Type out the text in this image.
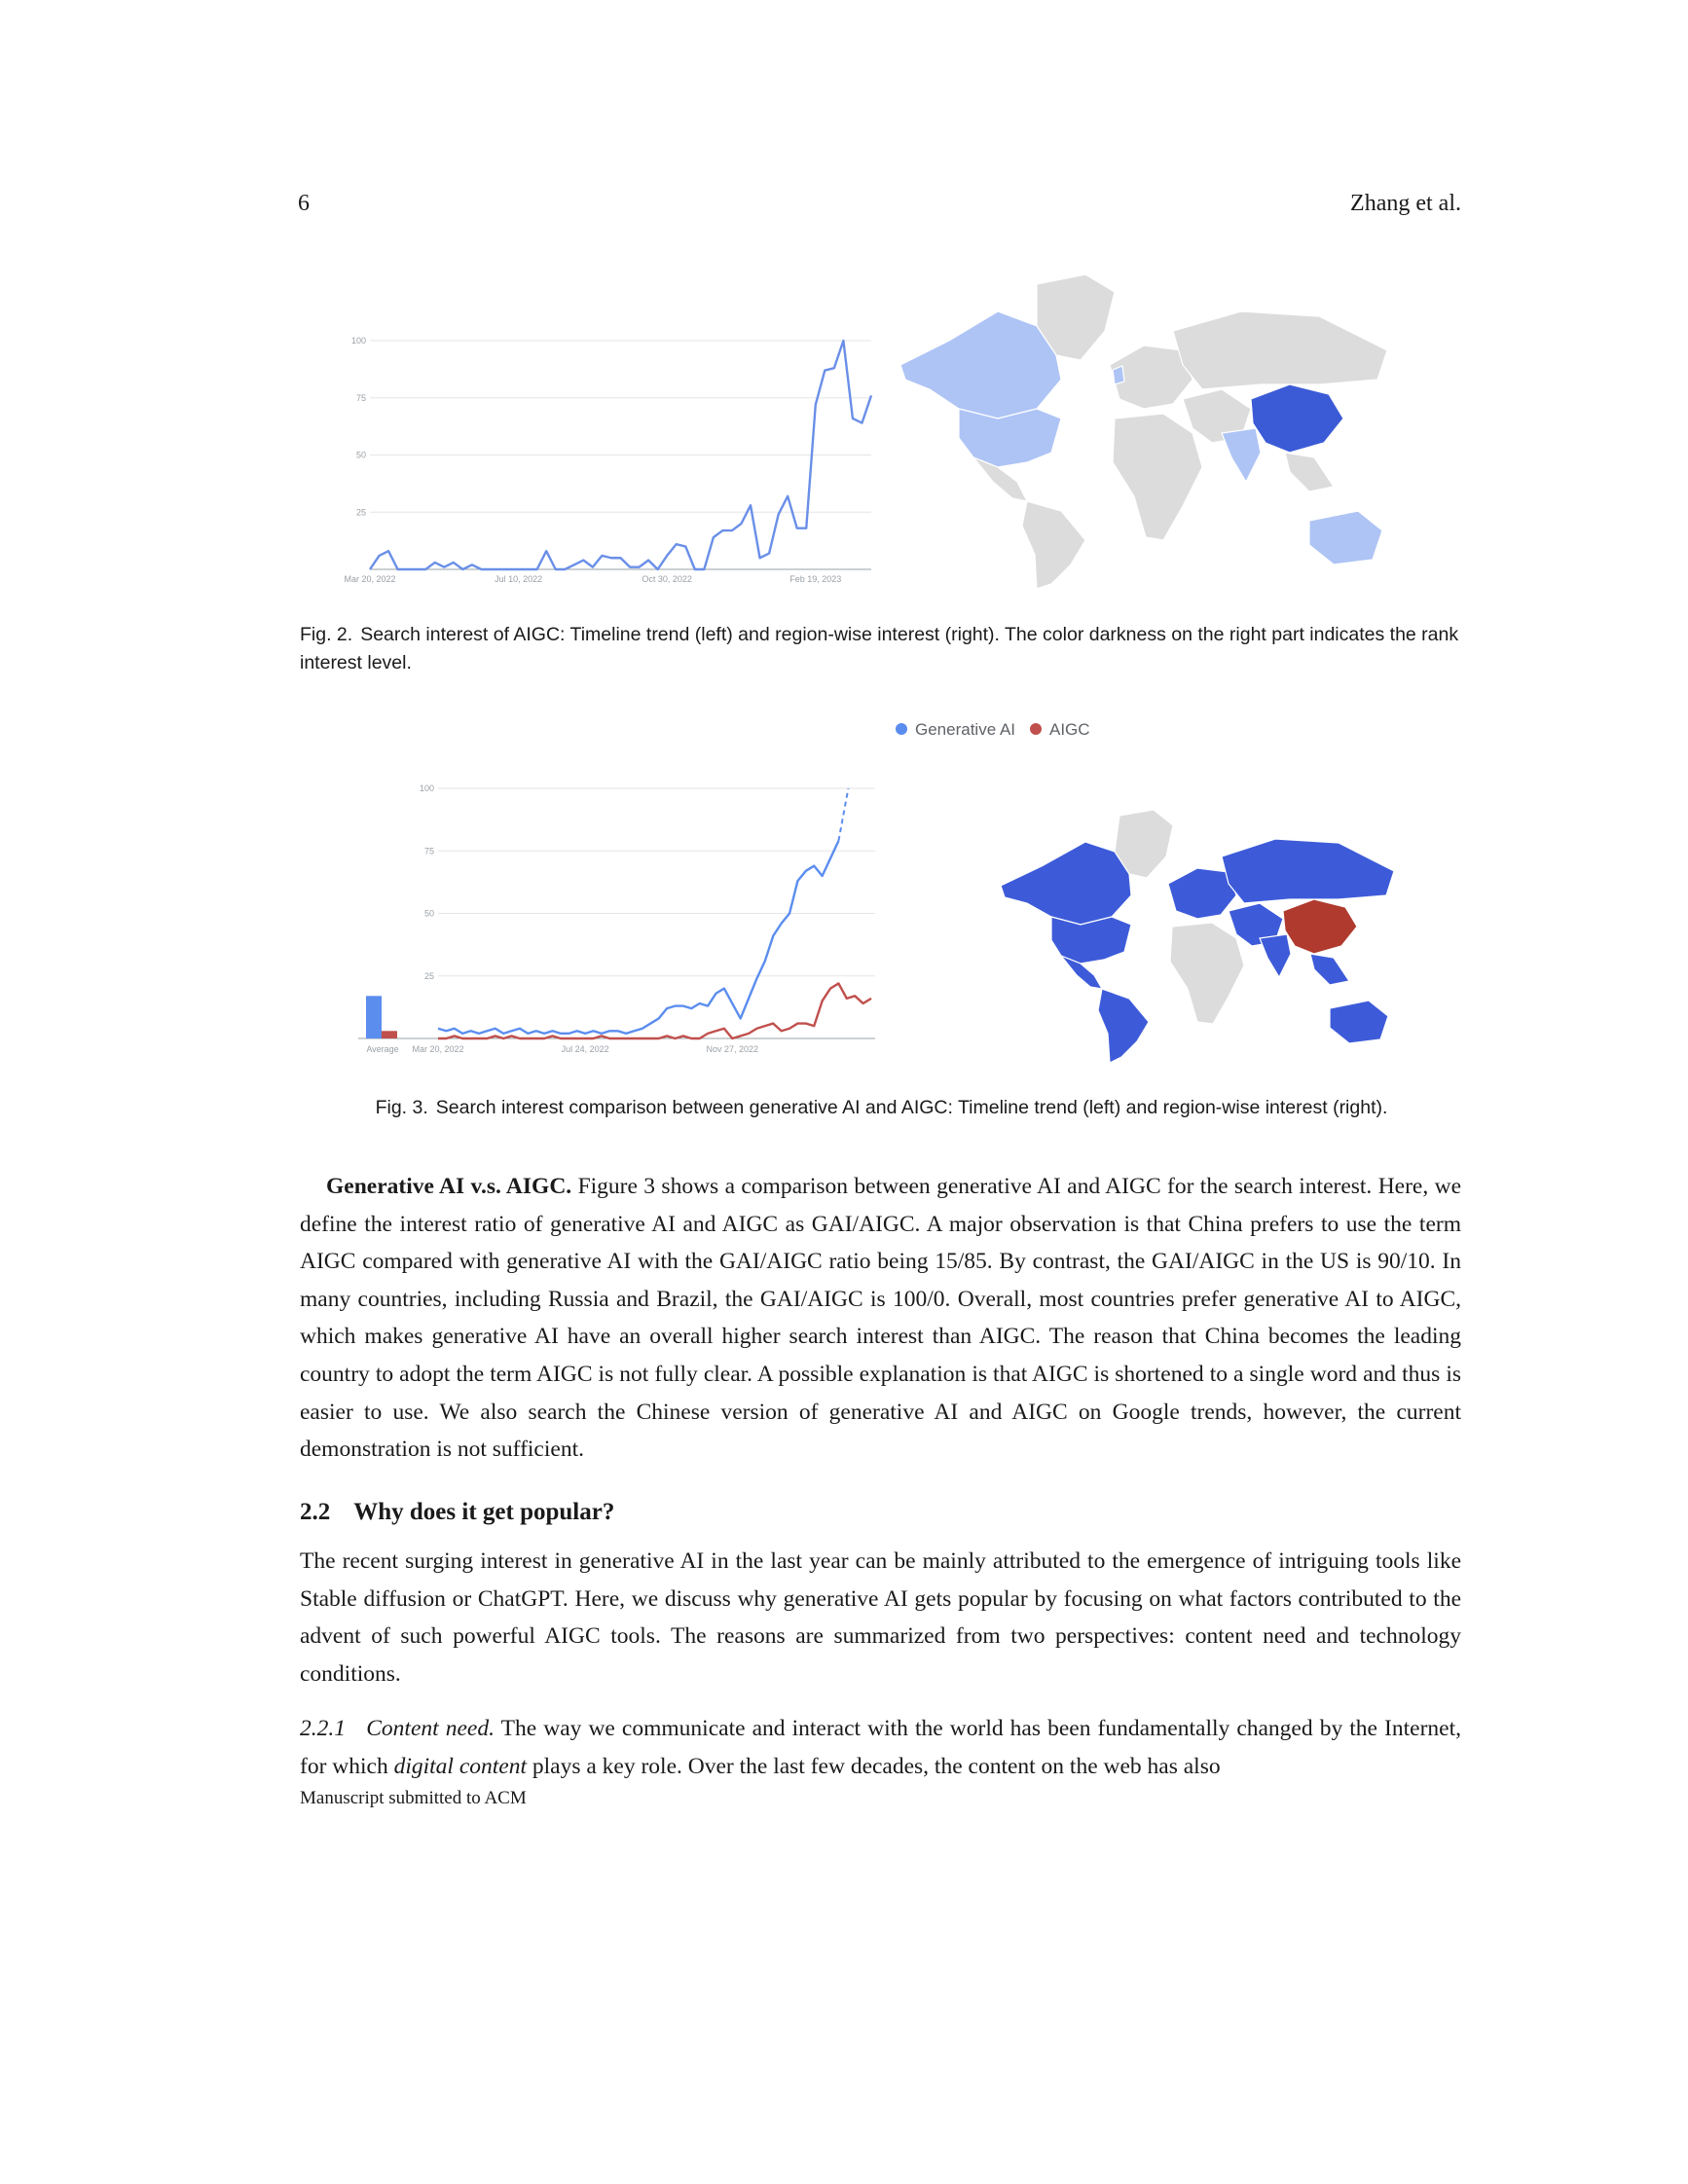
6	Zhang et al.
100
75
50
25
Mar 20, 2022	Jul 10, 2022	Oct 30, 2022	Feb 19, 2023
Fig. 2. Search interest of AIGC: Timeline trend (left) and region-wise interest (right). The color darkness on the right part indicates the rank interest level.
Generative AI AIGC
100
75
50
25
Mar 20, 2022	Jul 24, 2022	Nov 27, 2022
Average
Fig. 3. Search interest comparison between generative AI and AIGC: Timeline trend (left) and region-wise interest (right).

Generative AI v.s. AIGC. Figure 3 shows a comparison between generative AI and AIGC for the search interest. Here, we define the interest ratio of generative AI and AIGC as GAI/AIGC. A major observation is that China prefers to use the term AIGC compared with generative AI with the GAI/AIGC ratio being 15/85. By contrast, the GAI/AIGC in the US is 90/10. In many countries, including Russia and Brazil, the GAI/AIGC is 100/0. Overall, most countries prefer generative AI to AIGC, which makes generative AI have an overall higher search interest than AIGC. The reason that China becomes the leading country to adopt the term AIGC is not fully clear. A possible explanation is that AIGC is shortened to a single word and thus is easier to use. We also search the Chinese version of generative AI and AIGC on Google trends, however, the current demonstration is not sufficient.

2.2 Why does it get popular?

The recent surging interest in generative AI in the last year can be mainly attributed to the emergence of intriguing tools like Stable diffusion or ChatGPT. Here, we discuss why generative AI gets popular by focusing on what factors contributed to the advent of such powerful AIGC tools. The reasons are summarized from two perspectives: content need and technology conditions.

2.2.1 Content need. The way we communicate and interact with the world has been fundamentally changed by the Internet, for which digital content plays a key role. Over the last few decades, the content on the web has also

Manuscript submitted to ACM
